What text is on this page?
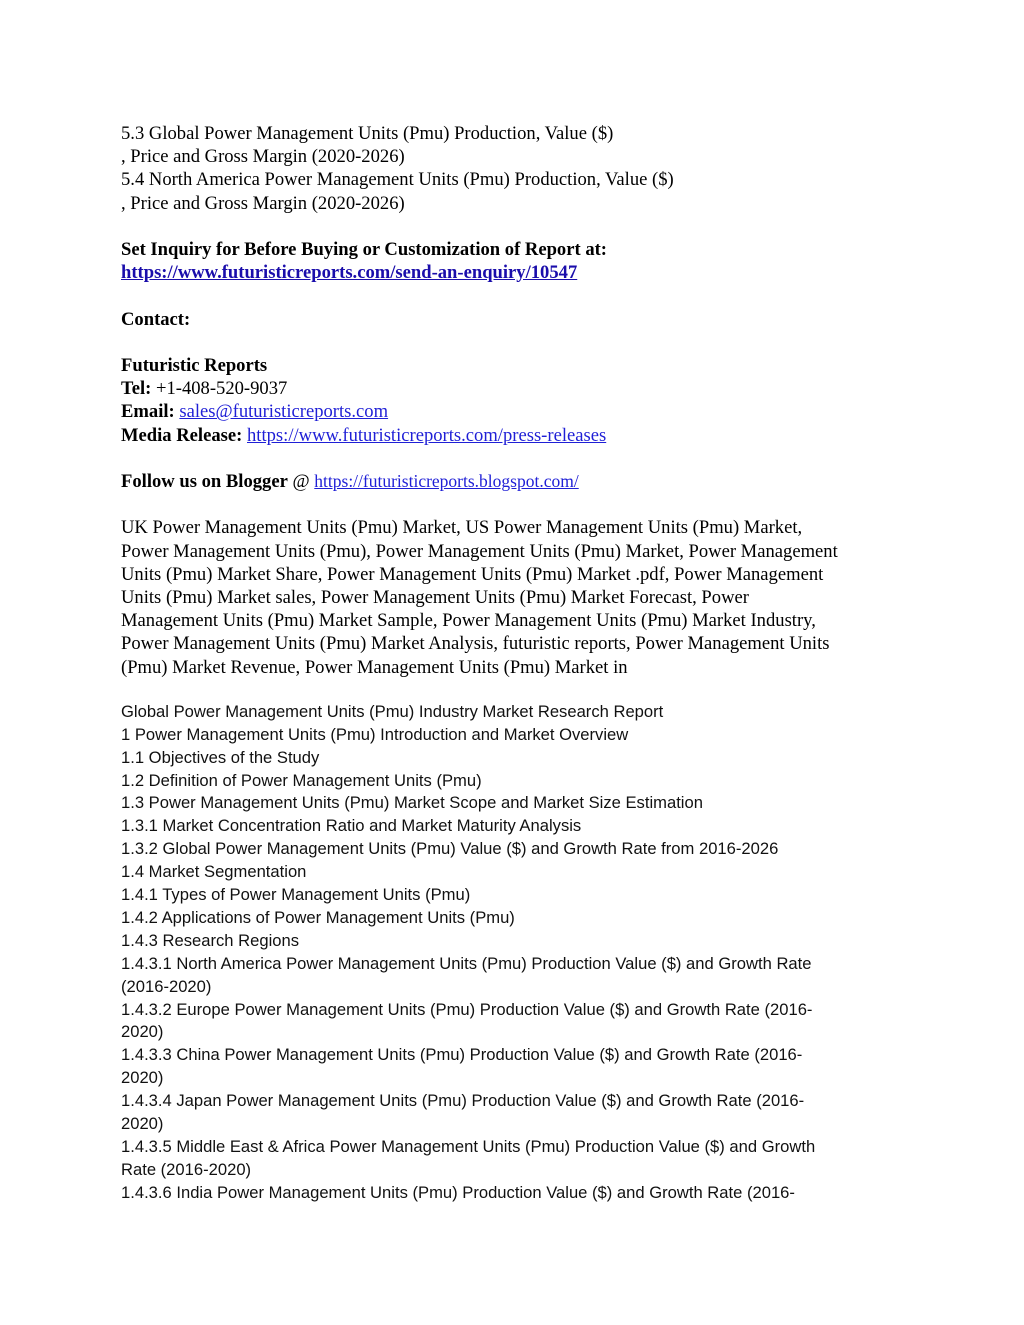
5.3 Global Power Management Units (Pmu) Production, Value ($)
, Price and Gross Margin (2020-2026)
5.4 North America Power Management Units (Pmu) Production, Value ($)
, Price and Gross Margin (2020-2026)
Set Inquiry for Before Buying or Customization of Report at:
https://www.futuristicreports.com/send-an-enquiry/10547
Contact:
Futuristic Reports
Tel: +1-408-520-9037
Email: sales@futuristicreports.com
Media Release: https://www.futuristicreports.com/press-releases
Follow us on Blogger @ https://futuristicreports.blogspot.com/
UK Power Management Units (Pmu) Market, US Power Management Units (Pmu) Market,
Power Management Units (Pmu), Power Management Units (Pmu) Market, Power Management
Units (Pmu) Market Share, Power Management Units (Pmu) Market .pdf, Power Management
Units (Pmu) Market sales, Power Management Units (Pmu) Market Forecast, Power
Management Units (Pmu) Market Sample, Power Management Units (Pmu) Market Industry,
Power Management Units (Pmu) Market Analysis, futuristic reports, Power Management Units
(Pmu) Market Revenue, Power Management Units (Pmu) Market in
Global Power Management Units (Pmu) Industry Market Research Report
1 Power Management Units (Pmu) Introduction and Market Overview
1.1 Objectives of the Study
1.2 Definition of Power Management Units (Pmu)
1.3 Power Management Units (Pmu) Market Scope and Market Size Estimation
1.3.1 Market Concentration Ratio and Market Maturity Analysis
1.3.2 Global Power Management Units (Pmu) Value ($) and Growth Rate from 2016-2026
1.4 Market Segmentation
1.4.1 Types of Power Management Units (Pmu)
1.4.2 Applications of Power Management Units (Pmu)
1.4.3 Research Regions
1.4.3.1 North America Power Management Units (Pmu) Production Value ($) and Growth Rate
(2016-2020)
1.4.3.2 Europe Power Management Units (Pmu) Production Value ($) and Growth Rate (2016-
2020)
1.4.3.3 China Power Management Units (Pmu) Production Value ($) and Growth Rate (2016-
2020)
1.4.3.4 Japan Power Management Units (Pmu) Production Value ($) and Growth Rate (2016-
2020)
1.4.3.5 Middle East & Africa Power Management Units (Pmu) Production Value ($) and Growth
Rate (2016-2020)
1.4.3.6 India Power Management Units (Pmu) Production Value ($) and Growth Rate (2016-
